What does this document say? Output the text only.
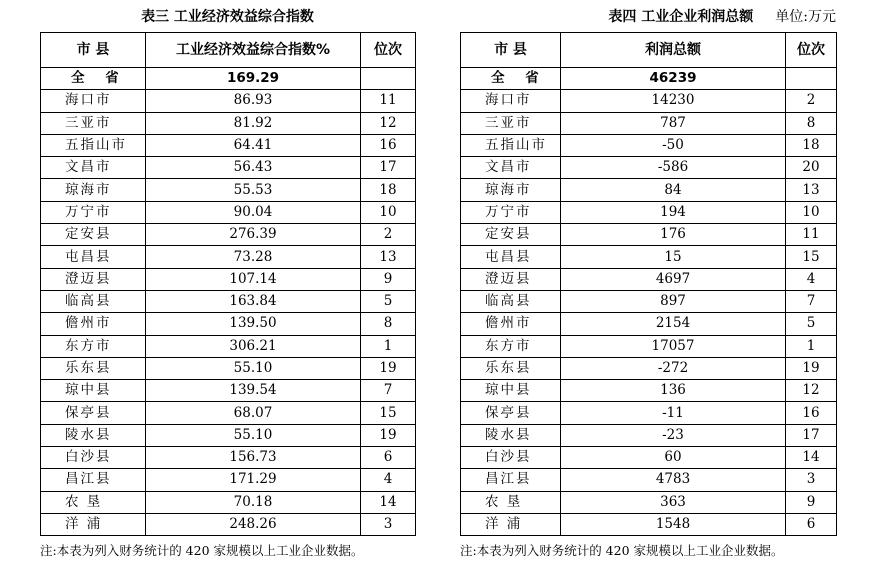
表三 工业经济效益综合指数
市 县	工业经济效益综合指数%	位次
全 省	169.29	
海口市	86.93	11
三亚市	81.92	12
五指山市	64.41	16
文昌市	56.43	17
琼海市	55.53	18
万宁市	90.04	10
定安县	276.39	2
屯昌县	73.28	13
澄迈县	107.14	9
临高县	163.84	5
儋州市	139.50	8
东方市	306.21	1
乐东县	55.10	19
琼中县	139.54	7
保亭县	68.07	15
陵水县	55.10	19
白沙县	156.73	6
昌江县	171.29	4
农 垦	70.18	14
洋 浦	248.26	3
表四 工业企业利润总额 单位:万元
市 县	利润总额	位次
全 省	46239	
海口市	14230	2
三亚市	787	8
五指山市	-50	18
文昌市	-586	20
琼海市	84	13
万宁市	194	10
定安县	176	11
屯昌县	15	15
澄迈县	4697	4
临高县	897	7
儋州市	2154	5
东方市	17057	1
乐东县	-272	19
琼中县	136	12
保亭县	-11	16
陵水县	-23	17
白沙县	60	14
昌江县	4783	3
农 垦	363	9
洋 浦	1548	6
注:本表为列入财务统计的 420 家规模以上工业企业数据。	注:本表为列入财务统计的 420 家规模以上工业企业数据。
